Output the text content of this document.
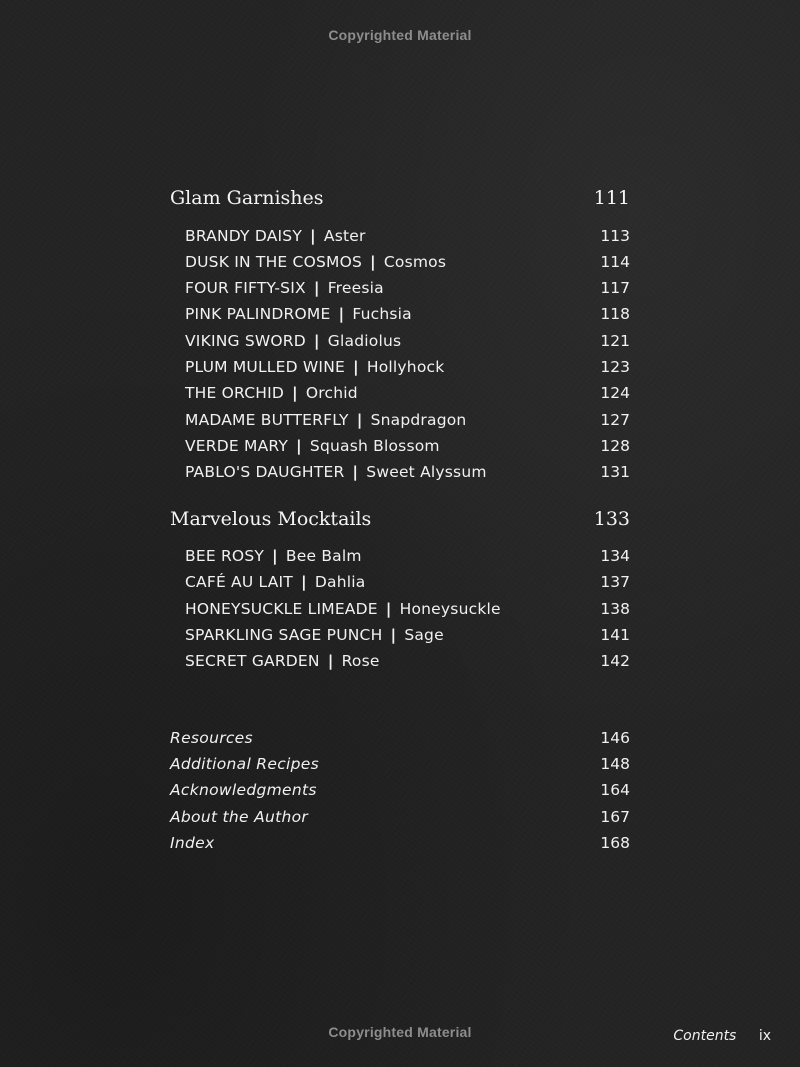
Copyrighted Material
Glam Garnishes	111
BRANDY DAISY | Aster	113
DUSK IN THE COSMOS | Cosmos	114
FOUR FIFTY-SIX | Freesia	117
PINK PALINDROME | Fuchsia	118
VIKING SWORD | Gladiolus	121
PLUM MULLED WINE | Hollyhock	123
THE ORCHID | Orchid	124
MADAME BUTTERFLY | Snapdragon	127
VERDE MARY | Squash Blossom	128
PABLO'S DAUGHTER | Sweet Alyssum	131
Marvelous Mocktails	133
BEE ROSY | Bee Balm	134
CAFÉ AU LAIT | Dahlia	137
HONEYSUCKLE LIMEADE | Honeysuckle	138
SPARKLING SAGE PUNCH | Sage	141
SECRET GARDEN | Rose	142
Resources	146
Additional Recipes	148
Acknowledgments	164
About the Author	167
Index	168
Copyrighted Material	Contents ix
